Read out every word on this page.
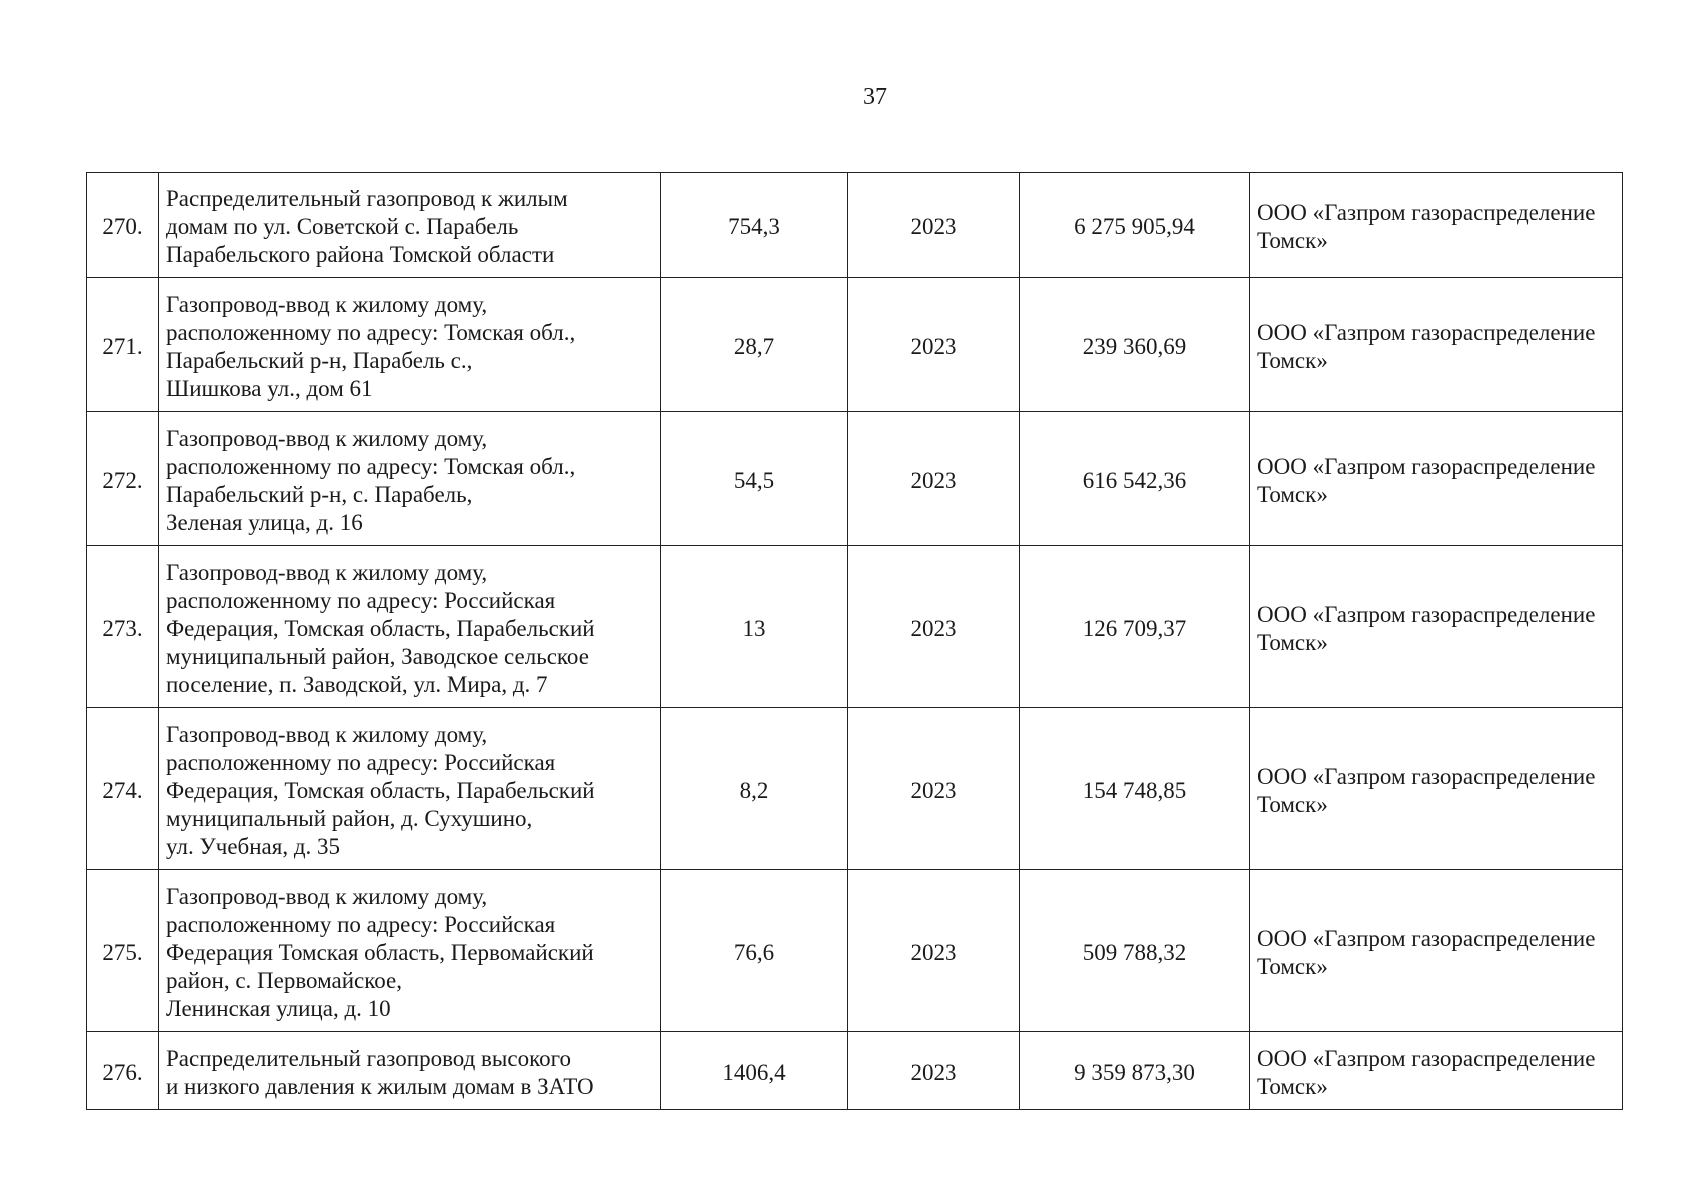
37
270.	Распределительный газопровод к жилым
домам по ул. Советской с. Парабель
Парабельского района Томской области	754,3	2023	6 275 905,94	ООО «Газпром газораспределение
Томск»
271.	Газопровод-ввод к жилому дому,
расположенному по адресу: Томская обл.,
Парабельский р-н, Парабель с.,
Шишкова ул., дом 61	28,7	2023	239 360,69	ООО «Газпром газораспределение
Томск»
272.	Газопровод-ввод к жилому дому,
расположенному по адресу: Томская обл.,
Парабельский р-н, с. Парабель,
Зеленая улица, д. 16	54,5	2023	616 542,36	ООО «Газпром газораспределение
Томск»
273.	Газопровод-ввод к жилому дому,
расположенному по адресу: Российская
Федерация, Томская область, Парабельский
муниципальный район, Заводское сельское
поселение, п. Заводской, ул. Мира, д. 7	13	2023	126 709,37	ООО «Газпром газораспределение
Томск»
274.	Газопровод-ввод к жилому дому,
расположенному по адресу: Российская
Федерация, Томская область, Парабельский
муниципальный район, д. Сухушино,
ул. Учебная, д. 35	8,2	2023	154 748,85	ООО «Газпром газораспределение
Томск»
275.	Газопровод-ввод к жилому дому,
расположенному по адресу: Российская
Федерация Томская область, Первомайский
район, с. Первомайское,
Ленинская улица, д. 10	76,6	2023	509 788,32	ООО «Газпром газораспределение
Томск»
276.	Распределительный газопровод высокого
и низкого давления к жилым домам в ЗАТО	1406,4	2023	9 359 873,30	ООО «Газпром газораспределение
Томск»
